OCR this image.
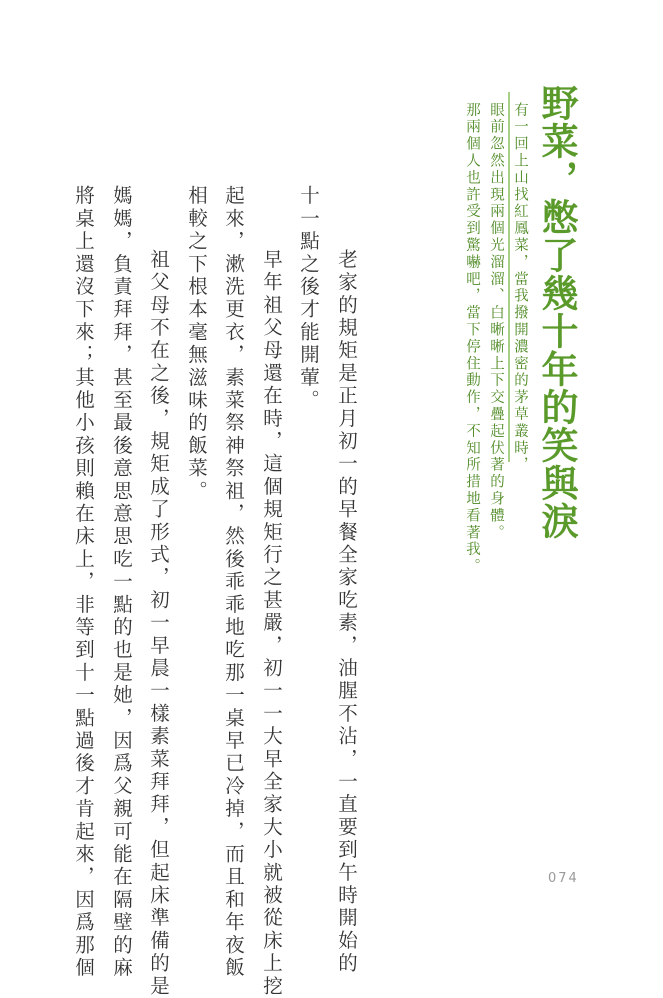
野菜，憋了幾十年的笑與淚

有一回上山找紅鳳菜，當我撥開濃密的茅草叢時，

眼前忽然出現兩個光溜溜、白晰晰上下交疊起伏著的身體。

那兩個人也許受到驚嚇吧，當下停住動作，不知所措地看著我。

　老家的規矩是正月初一的早餐全家吃素，油腥不沾，一直要到午時開始的

十一點之後才能開葷。

　早年祖父母還在時，這個規矩行之甚嚴，初一一大早全家大小就被從床上挖

起來，漱洗更衣，素菜祭神祭祖，然後乖乖地吃那一桌早已冷掉，而且和年夜飯

相較之下根本毫無滋味的飯菜。

　祖父母不在之後，規矩成了形式，初一早晨一樣素菜拜拜，但起床準備的是

媽媽，負責拜拜，甚至最後意思意思吃一點的也是她，因爲父親可能在隔壁的麻

將桌上還沒下來；其他小孩則賴在床上，非等到十一點過後才肯起來，因爲那個	074
